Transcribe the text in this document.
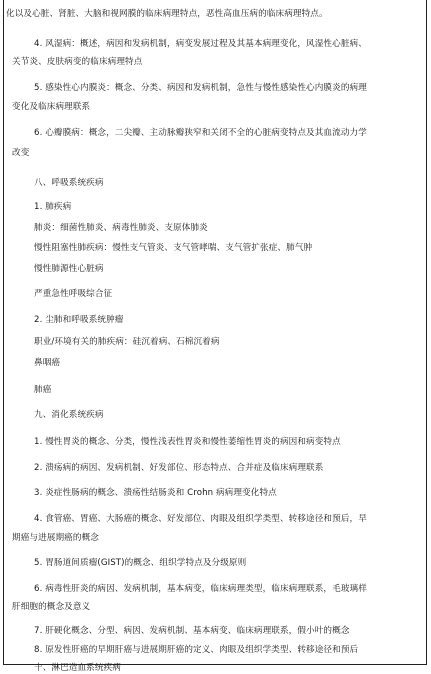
化以及心脏、肾脏、大脑和视网膜的临床病理特点，恶性高血压病的临床病理特点。
4. 风湿病：概述，病因和发病机制，病变发展过程及其基本病理变化，风湿性心脏病、
关节炎、皮肤病变的临床病理特点
5. 感染性心内膜炎：概念、分类、病因和发病机制，急性与慢性感染性心内膜炎的病理
变化及临床病理联系
6. 心瓣膜病：概念，二尖瓣、主动脉瓣狭窄和关闭不全的心脏病变特点及其血流动力学
改变
八、呼吸系统疾病
1. 肺疾病
肺炎：细菌性肺炎、病毒性肺炎、支原体肺炎
慢性阻塞性肺疾病：慢性支气管炎、支气管哮喘、支气管扩张症、肺气肿
慢性肺源性心脏病
严重急性呼吸综合征
2. 尘肺和呼吸系统肿瘤
职业/环境有关的肺疾病：硅沉着病、石棉沉着病
鼻咽癌
肺癌
九、消化系统疾病
1. 慢性胃炎的概念、分类，慢性浅表性胃炎和慢性萎缩性胃炎的病因和病变特点
2. 溃疡病的病因、发病机制、好发部位、形态特点、合并症及临床病理联系
3. 炎症性肠病的概念、溃疡性结肠炎和 Crohn 病病理变化特点
4. 食管癌、胃癌、大肠癌的概念、好发部位、肉眼及组织学类型、转移途径和预后，早
期癌与进展期癌的概念
5. 胃肠道间质瘤(GIST)的概念、组织学特点及分级原则
6. 病毒性肝炎的病因、发病机制，基本病变，临床病理类型，临床病理联系，毛玻璃样
肝细胞的概念及意义
7. 肝硬化概念、分型、病因、发病机制、基本病变、临床病理联系，假小叶的概念
8. 原发性肝癌的早期肝癌与进展期肝癌的定义、肉眼及组织学类型、转移途径和预后
十、淋巴造血系统疾病
